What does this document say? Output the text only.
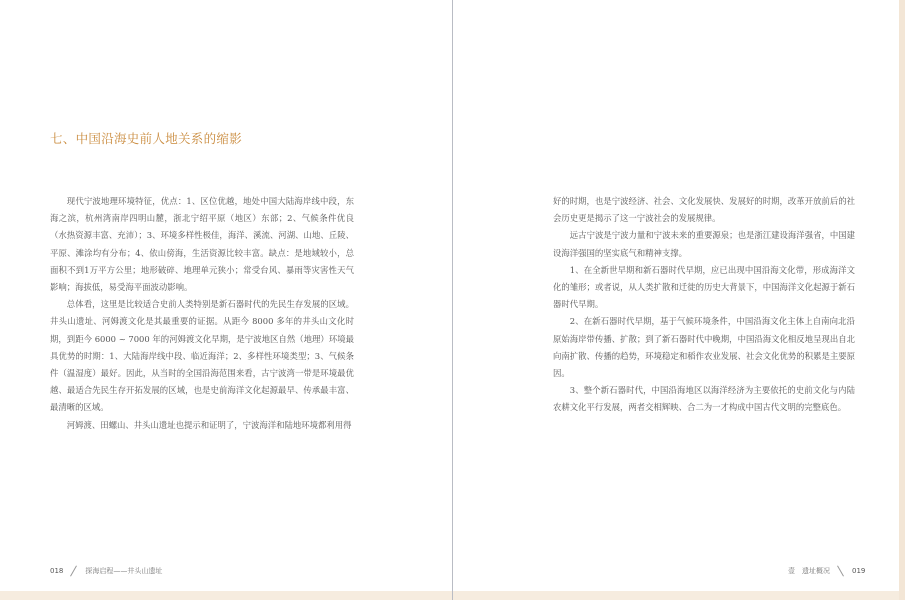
七、中国沿海史前人地关系的缩影

现代宁波地理环境特征，优点：1、区位优越，地处中国大陆海岸线中段，东海之滨，杭州湾南岸四明山麓，浙北宁绍平原（地区）东部；2、气候条件优良（水热资源丰富、充沛）；3、环境多样性极佳，海洋、溪流、河湖、山地、丘陵、平原、滩涂均有分布；4、依山傍海，生活资源比较丰富。缺点：是地域较小，总面积不到1万平方公里；地形破碎、地理单元狭小；常受台风、暴雨等灾害性天气影响；海拔低，易受海平面波动影响。

总体看，这里是比较适合史前人类特别是新石器时代的先民生存发展的区域。井头山遗址、河姆渡文化是其最重要的证据。从距今 8000 多年的井头山文化时期，到距今 6000 ~ 7000 年的河姆渡文化早期，是宁波地区自然（地理）环境最具优势的时期：1、大陆海岸线中段、临近海洋；2、多样性环境类型；3、气候条件（温湿度）最好。因此，从当时的全国沿海范围来看，古宁波湾一带是环境最优越、最适合先民生存开拓发展的区域，也是史前海洋文化起源最早、传承最丰富、最清晰的区域。

河姆渡、田螺山、井头山遗址也提示和证明了，宁波海洋和陆地环境都利用得

018	探海启程——井头山遗址

好的时期，也是宁波经济、社会、文化发展快、发展好的时期，改革开放前后的社会历史更是揭示了这一宁波社会的发展规律。

远古宁波是宁波力量和宁波未来的重要源泉；也是浙江建设海洋强省，中国建设海洋强国的坚实底气和精神支撑。

1、在全新世早期和新石器时代早期，应已出现中国沿海文化带，形成海洋文化的雏形；或者说，从人类扩散和迁徙的历史大背景下，中国海洋文化起源于新石器时代早期。

2、在新石器时代早期，基于气候环境条件，中国沿海文化主体上自南向北沿原始海岸带传播、扩散；到了新石器时代中晚期，中国沿海文化相反地呈现出自北向南扩散、传播的趋势，环境稳定和稻作农业发展、社会文化优势的积累是主要原因。

3、整个新石器时代，中国沿海地区以海洋经济为主要依托的史前文化与内陆农耕文化平行发展，两者交相辉映、合二为一才构成中国古代文明的完整底色。

壹　遗址概况	019
